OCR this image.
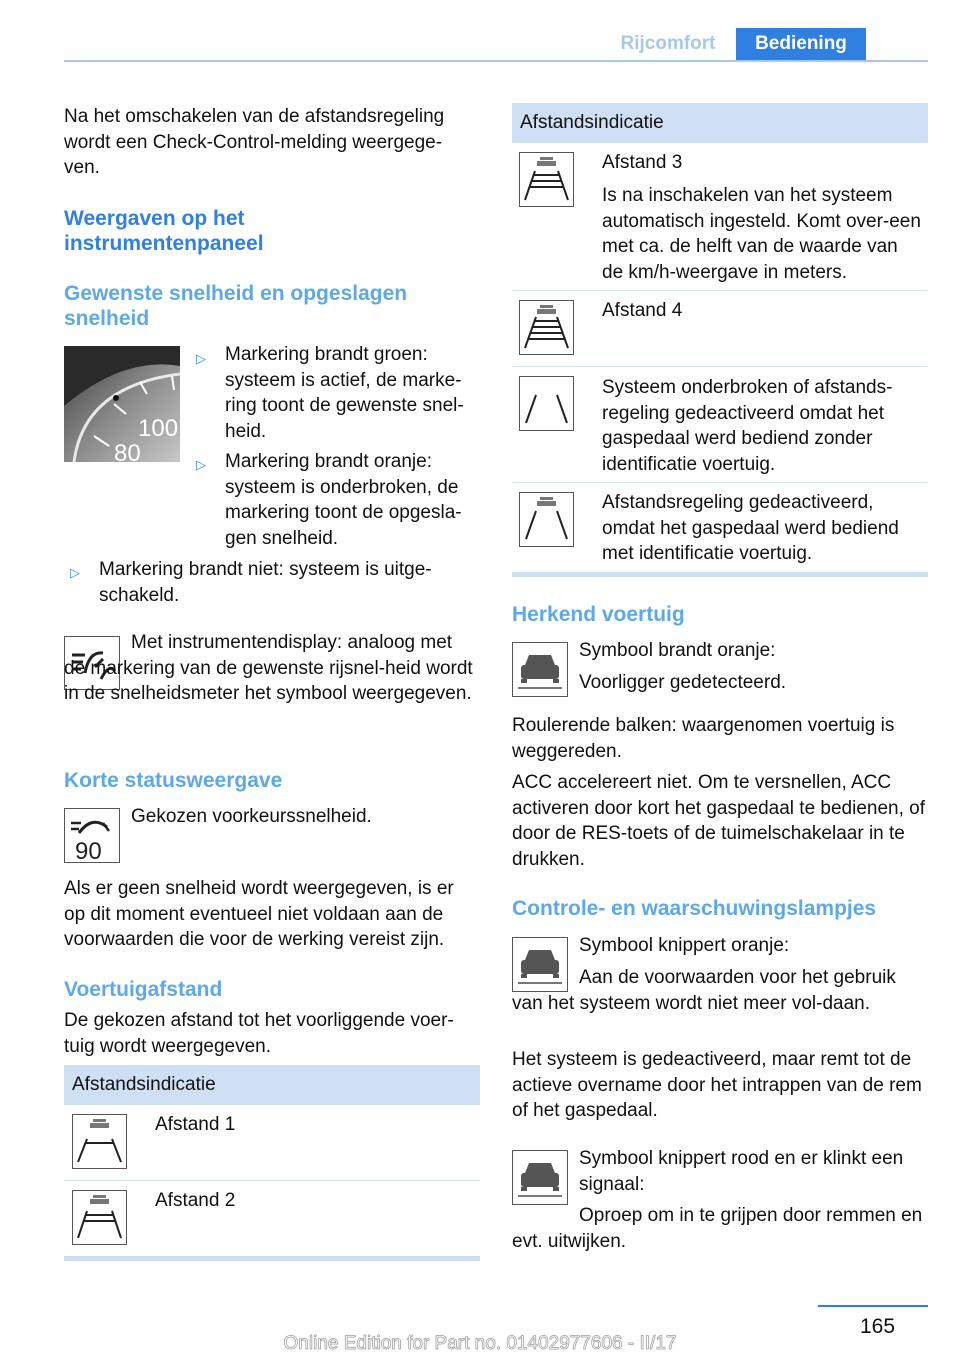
Rijcomfort	Bediening

Na het omschakelen van de afstandsregeling wordt een Check-Control-melding weergege-ven.

Weergaven op het instrumentenpaneel

Gewenste snelheid en opgeslagen snelheid

100
80
▷ Markering brandt groen: systeem is actief, de marke-ring toont de gewenste snel-heid.

▷ Markering brandt oranje: systeem is onderbroken, de markering toont de opgesla-gen snelheid.

▷ Markering brandt niet: systeem is uitge-schakeld.

Met instrumentendisplay: analoog met de markering van de gewenste rijsnel-heid wordt in de snelheidsmeter het symbool weergegeven.

Korte statusweergave

90

Gekozen voorkeurssnelheid.

Als er geen snelheid wordt weergegeven, is er op dit moment eventueel niet voldaan aan de voorwaarden die voor de werking vereist zijn.

Voertuigafstand

De gekozen afstand tot het voorliggende voer-tuig wordt weergegeven.

Afstandsindicatie

Afstand 1

Afstand 2

Afstandsindicatie

Afstand 3

Is na inschakelen van het systeem automatisch ingesteld. Komt over-een met ca. de helft van de waarde van de km/h-weergave in meters.

Afstand 4

Systeem onderbroken of afstands-regeling gedeactiveerd omdat het gaspedaal werd bediend zonder identificatie voertuig.

Afstandsregeling gedeactiveerd, omdat het gaspedaal werd bediend met identificatie voertuig.

Herkend voertuig

Symbool brandt oranje:

Voorligger gedetecteerd.

Roulerende balken: waargenomen voertuig is weggereden.

ACC accelereert niet. Om te versnellen, ACC activeren door kort het gaspedaal te bedienen, of door de RES-toets of de tuimelschakelaar in te drukken.

Controle- en waarschuwingslampjes

Symbool knippert oranje:

Aan de voorwaarden voor het gebruik van het systeem wordt niet meer vol-daan.

Het systeem is gedeactiveerd, maar remt tot de actieve overname door het intrappen van de rem of het gaspedaal.

Symbool knippert rood en er klinkt een signaal:

Oproep om in te grijpen door remmen en evt. uitwijken.

165
Online Edition for Part no. 01402977606 - II/17
